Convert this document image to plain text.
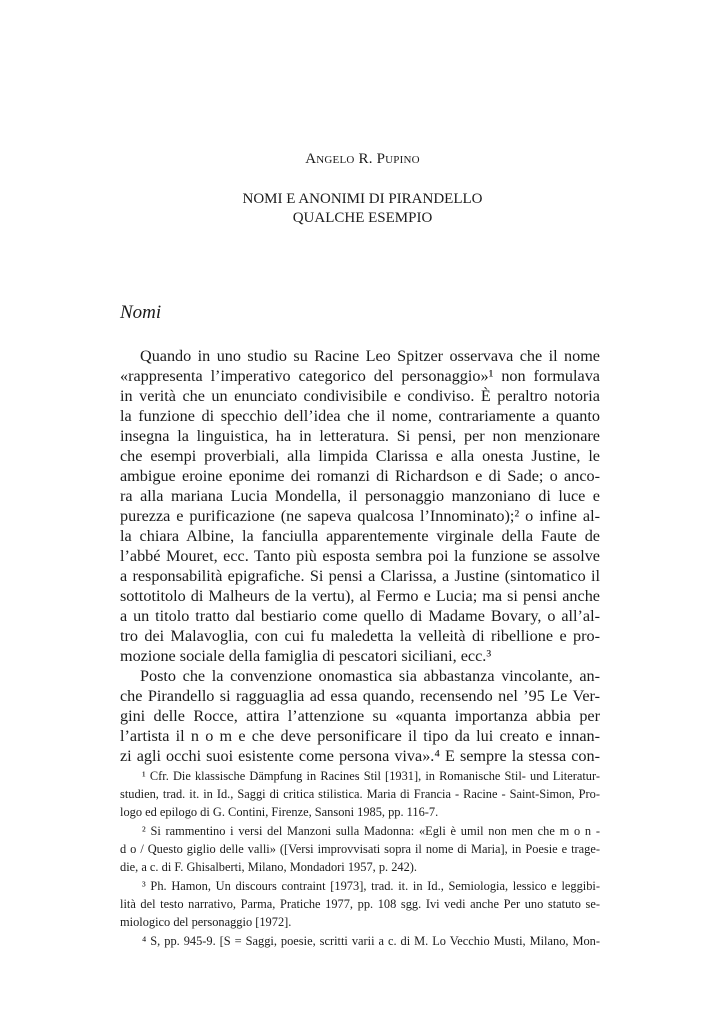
Angelo R. Pupino
NOMI E ANONIMI DI PIRANDELLO
QUALCHE ESEMPIO
Nomi
Quando in uno studio su Racine Leo Spitzer osservava che il nome
«rappresenta l’imperativo categorico del personaggio»¹ non formulava
in verità che un enunciato condivisibile e condiviso. È peraltro notoria
la funzione di specchio dell’idea che il nome, contrariamente a quanto
insegna la linguistica, ha in letteratura. Si pensi, per non menzionare
che esempi proverbiali, alla limpida Clarissa e alla onesta Justine, le
ambigue eroine eponime dei romanzi di Richardson e di Sade; o anco-
ra alla mariana Lucia Mondella, il personaggio manzoniano di luce e
purezza e purificazione (ne sapeva qualcosa l’Innominato);² o infine al-
la chiara Albine, la fanciulla apparentemente virginale della Faute de
l’abbé Mouret, ecc. Tanto più esposta sembra poi la funzione se assolve
a responsabilità epigrafiche. Si pensi a Clarissa, a Justine (sintomatico il
sottotitolo di Malheurs de la vertu), al Fermo e Lucia; ma si pensi anche
a un titolo tratto dal bestiario come quello di Madame Bovary, o all’al-
tro dei Malavoglia, con cui fu maledetta la velleità di ribellione e pro-
mozione sociale della famiglia di pescatori siciliani, ecc.³
Posto che la convenzione onomastica sia abbastanza vincolante, an-
che Pirandello si ragguaglia ad essa quando, recensendo nel ’95 Le Ver-
gini delle Rocce, attira l’attenzione su «quanta importanza abbia per
l’artista il n o m e che deve personificare il tipo da lui creato e innan-
zi agli occhi suoi esistente come persona viva».⁴ E sempre la stessa con-
¹ Cfr. Die klassische Dämpfung in Racines Stil [1931], in Romanische Stil- und Literatur-
studien, trad. it. in Id., Saggi di critica stilistica. Maria di Francia - Racine - Saint-Simon, Pro-
logo ed epilogo di G. Contini, Firenze, Sansoni 1985, pp. 116-7.
² Si rammentino i versi del Manzoni sulla Madonna: «Egli è umil non men che m o n -
d o / Questo giglio delle valli» ([Versi improvvisati sopra il nome di Maria], in Poesie e trage-
die, a c. di F. Ghisalberti, Milano, Mondadori 1957, p. 242).
³ Ph. Hamon, Un discours contraint [1973], trad. it. in Id., Semiologia, lessico e leggibi-
lità del testo narrativo, Parma, Pratiche 1977, pp. 108 sgg. Ivi vedi anche Per uno statuto se-
miologico del personaggio [1972].
⁴ S, pp. 945-9. [S = Saggi, poesie, scritti varii a c. di M. Lo Vecchio Musti, Milano, Mon-
